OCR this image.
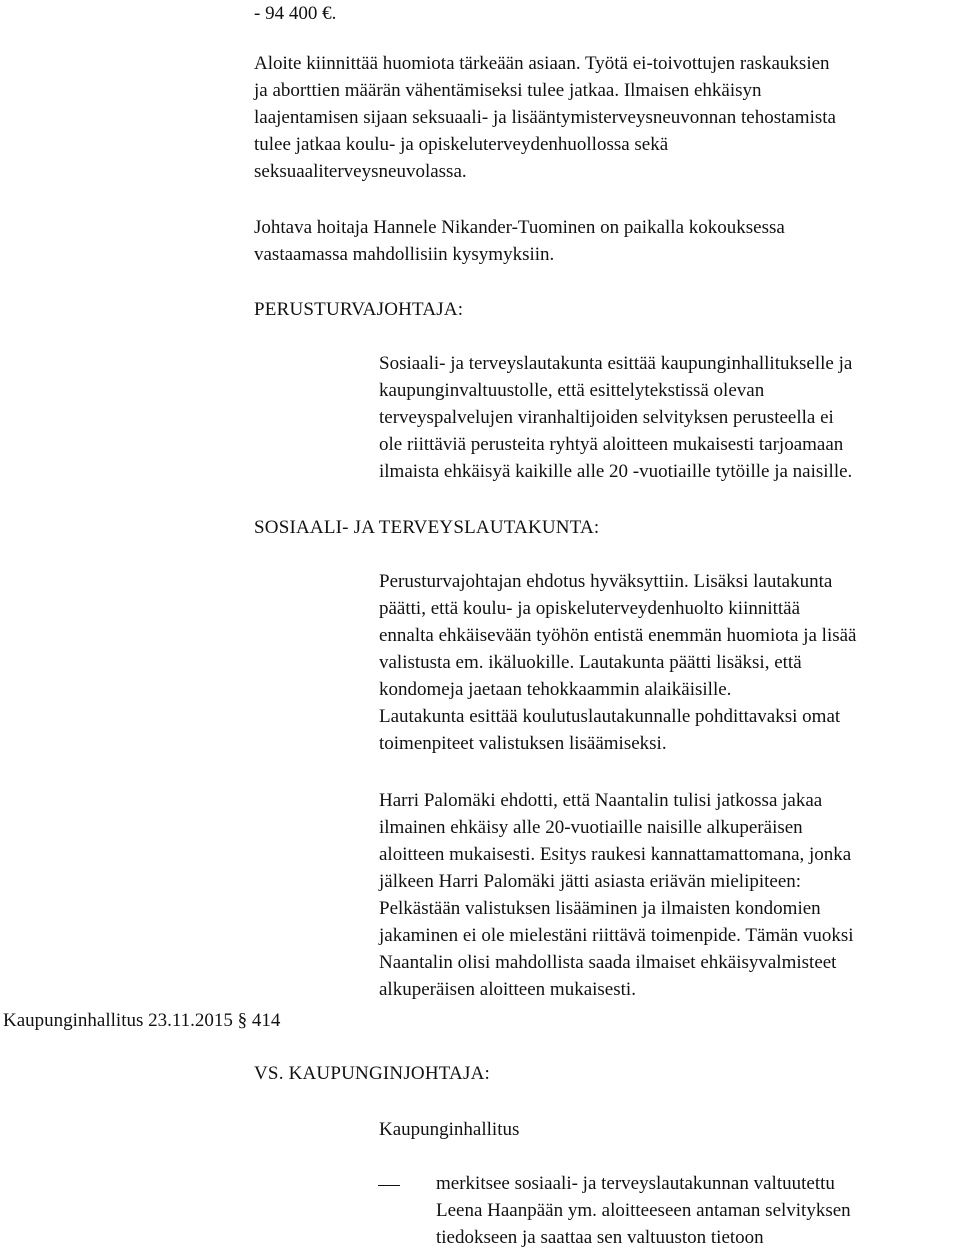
- 94 400 €.
Aloite kiinnittää huomiota tärkeään asiaan. Työtä ei-toivottujen raskauksien
ja aborttien määrän vähentämiseksi tulee jatkaa. Ilmaisen ehkäisyn
laajentamisen sijaan seksuaali- ja lisääntymisterveysneuvonnan tehostamista
tulee jatkaa koulu- ja opiskeluterveydenhuollossa sekä
seksuaaliterveysneuvolassa.
Johtava hoitaja Hannele Nikander-Tuominen on paikalla kokouksessa
vastaamassa mahdollisiin kysymyksiin.
PERUSTURVAJOHTAJA:
Sosiaali- ja terveyslautakunta esittää kaupunginhallitukselle ja
kaupunginvaltuustolle, että esittelytekstissä olevan
terveyspalvelujen viranhaltijoiden selvityksen perusteella ei
ole riittäviä perusteita ryhtyä aloitteen mukaisesti tarjoamaan
ilmaista ehkäisyä kaikille alle 20 -vuotiaille tytöille ja naisille.
SOSIAALI- JA TERVEYSLAUTAKUNTA:
Perusturvajohtajan ehdotus hyväksyttiin. Lisäksi lautakunta
päätti, että koulu- ja opiskeluterveydenhuolto kiinnittää
ennalta ehkäisevään työhön entistä enemmän huomiota ja lisää
valistusta em. ikäluokille. Lautakunta päätti lisäksi, että
kondomeja jaetaan tehokkaammin alaikäisille.
Lautakunta esittää koulutuslautakunnalle pohdittavaksi omat
toimenpiteet valistuksen lisäämiseksi.
Harri Palomäki ehdotti, että Naantalin tulisi jatkossa jakaa
ilmainen ehkäisy alle 20-vuotiaille naisille alkuperäisen
aloitteen mukaisesti. Esitys raukesi kannattamattomana, jonka
jälkeen Harri Palomäki jätti asiasta eriävän mielipiteen:
Pelkästään valistuksen lisääminen ja ilmaisten kondomien
jakaminen ei ole mielestäni riittävä toimenpide. Tämän vuoksi
Naantalin olisi mahdollista saada ilmaiset ehkäisyvalmisteet
alkuperäisen aloitteen mukaisesti.
Kaupunginhallitus 23.11.2015 § 414
VS. KAUPUNGINJOHTAJA:
Kaupunginhallitus
merkitsee sosiaali- ja terveyslautakunnan valtuutettu
Leena Haanpään ym. aloitteeseen antaman selvityksen
tiedokseen ja saattaa sen valtuuston tietoon
